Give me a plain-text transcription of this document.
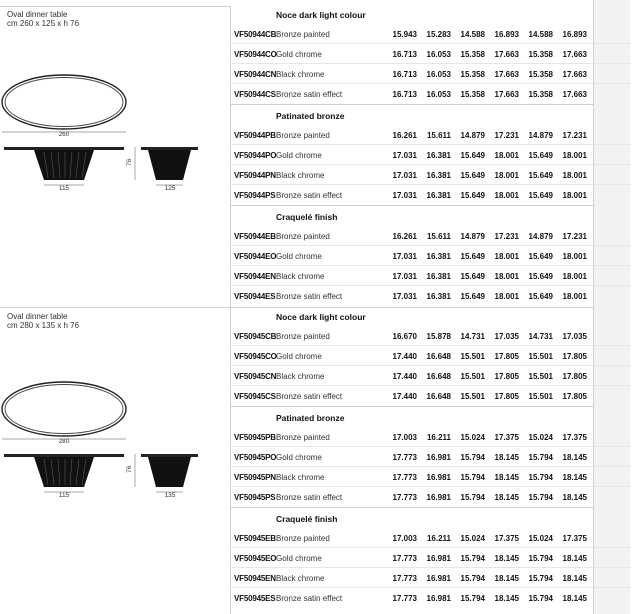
Oval dinner table
cm 260 x 125 x h 76
260
115
76
125
Noce dark light colour
VF50944CB Bronze painted	15.943	15.283	14.588	16.893	14.588	16.893
VF50944CO Gold chrome	16.713	16.053	15.358	17.663	15.358	17.663
VF50944CN Black chrome	16.713	16.053	15.358	17.663	15.358	17.663
VF50944CS Bronze satin effect	16.713	16.053	15.358	17.663	15.358	17.663
Patinated bronze
VF50944PB Bronze painted	16.261	15.611	14.879	17.231	14.879	17.231
VF50944PO Gold chrome	17.031	16.381	15.649	18.001	15.649	18.001
VF50944PN Black chrome	17.031	16.381	15.649	18.001	15.649	18.001
VF50944PS Bronze satin effect	17.031	16.381	15.649	18.001	15.649	18.001
Craquelé finish
VF50944EB Bronze painted	16.261	15.611	14.879	17.231	14.879	17.231
VF50944EO Gold chrome	17.031	16.381	15.649	18.001	15.649	18.001
VF50944EN Black chrome	17.031	16.381	15.649	18.001	15.649	18.001
VF50944ES Bronze satin effect	17.031	16.381	15.649	18.001	15.649	18.001
Oval dinner table
cm 280 x 135 x h 76
280
115
76
135
Noce dark light colour
VF50945CB Bronze painted	16.670	15.878	14.731	17.035	14.731	17.035
VF50945CO Gold chrome	17.440	16.648	15.501	17.805	15.501	17.805
VF50945CN Black chrome	17.440	16.648	15.501	17.805	15.501	17.805
VF50945CS Bronze satin effect	17.440	16.648	15.501	17.805	15.501	17.805
Patinated bronze
VF50945PB Bronze painted	17.003	16.211	15.024	17.375	15.024	17.375
VF50945PO Gold chrome	17.773	16.981	15.794	18.145	15.794	18.145
VF50945PN Black chrome	17.773	16.981	15.794	18.145	15.794	18.145
VF50945PS Bronze satin effect	17.773	16.981	15.794	18.145	15.794	18.145
Craquelé finish
VF50945EB Bronze painted	17.003	16.211	15.024	17.375	15.024	17.375
VF50945EO Gold chrome	17.773	16.981	15.794	18.145	15.794	18.145
VF50945EN Black chrome	17.773	16.981	15.794	18.145	15.794	18.145
VF50945ES Bronze satin effect	17.773	16.981	15.794	18.145	15.794	18.145
